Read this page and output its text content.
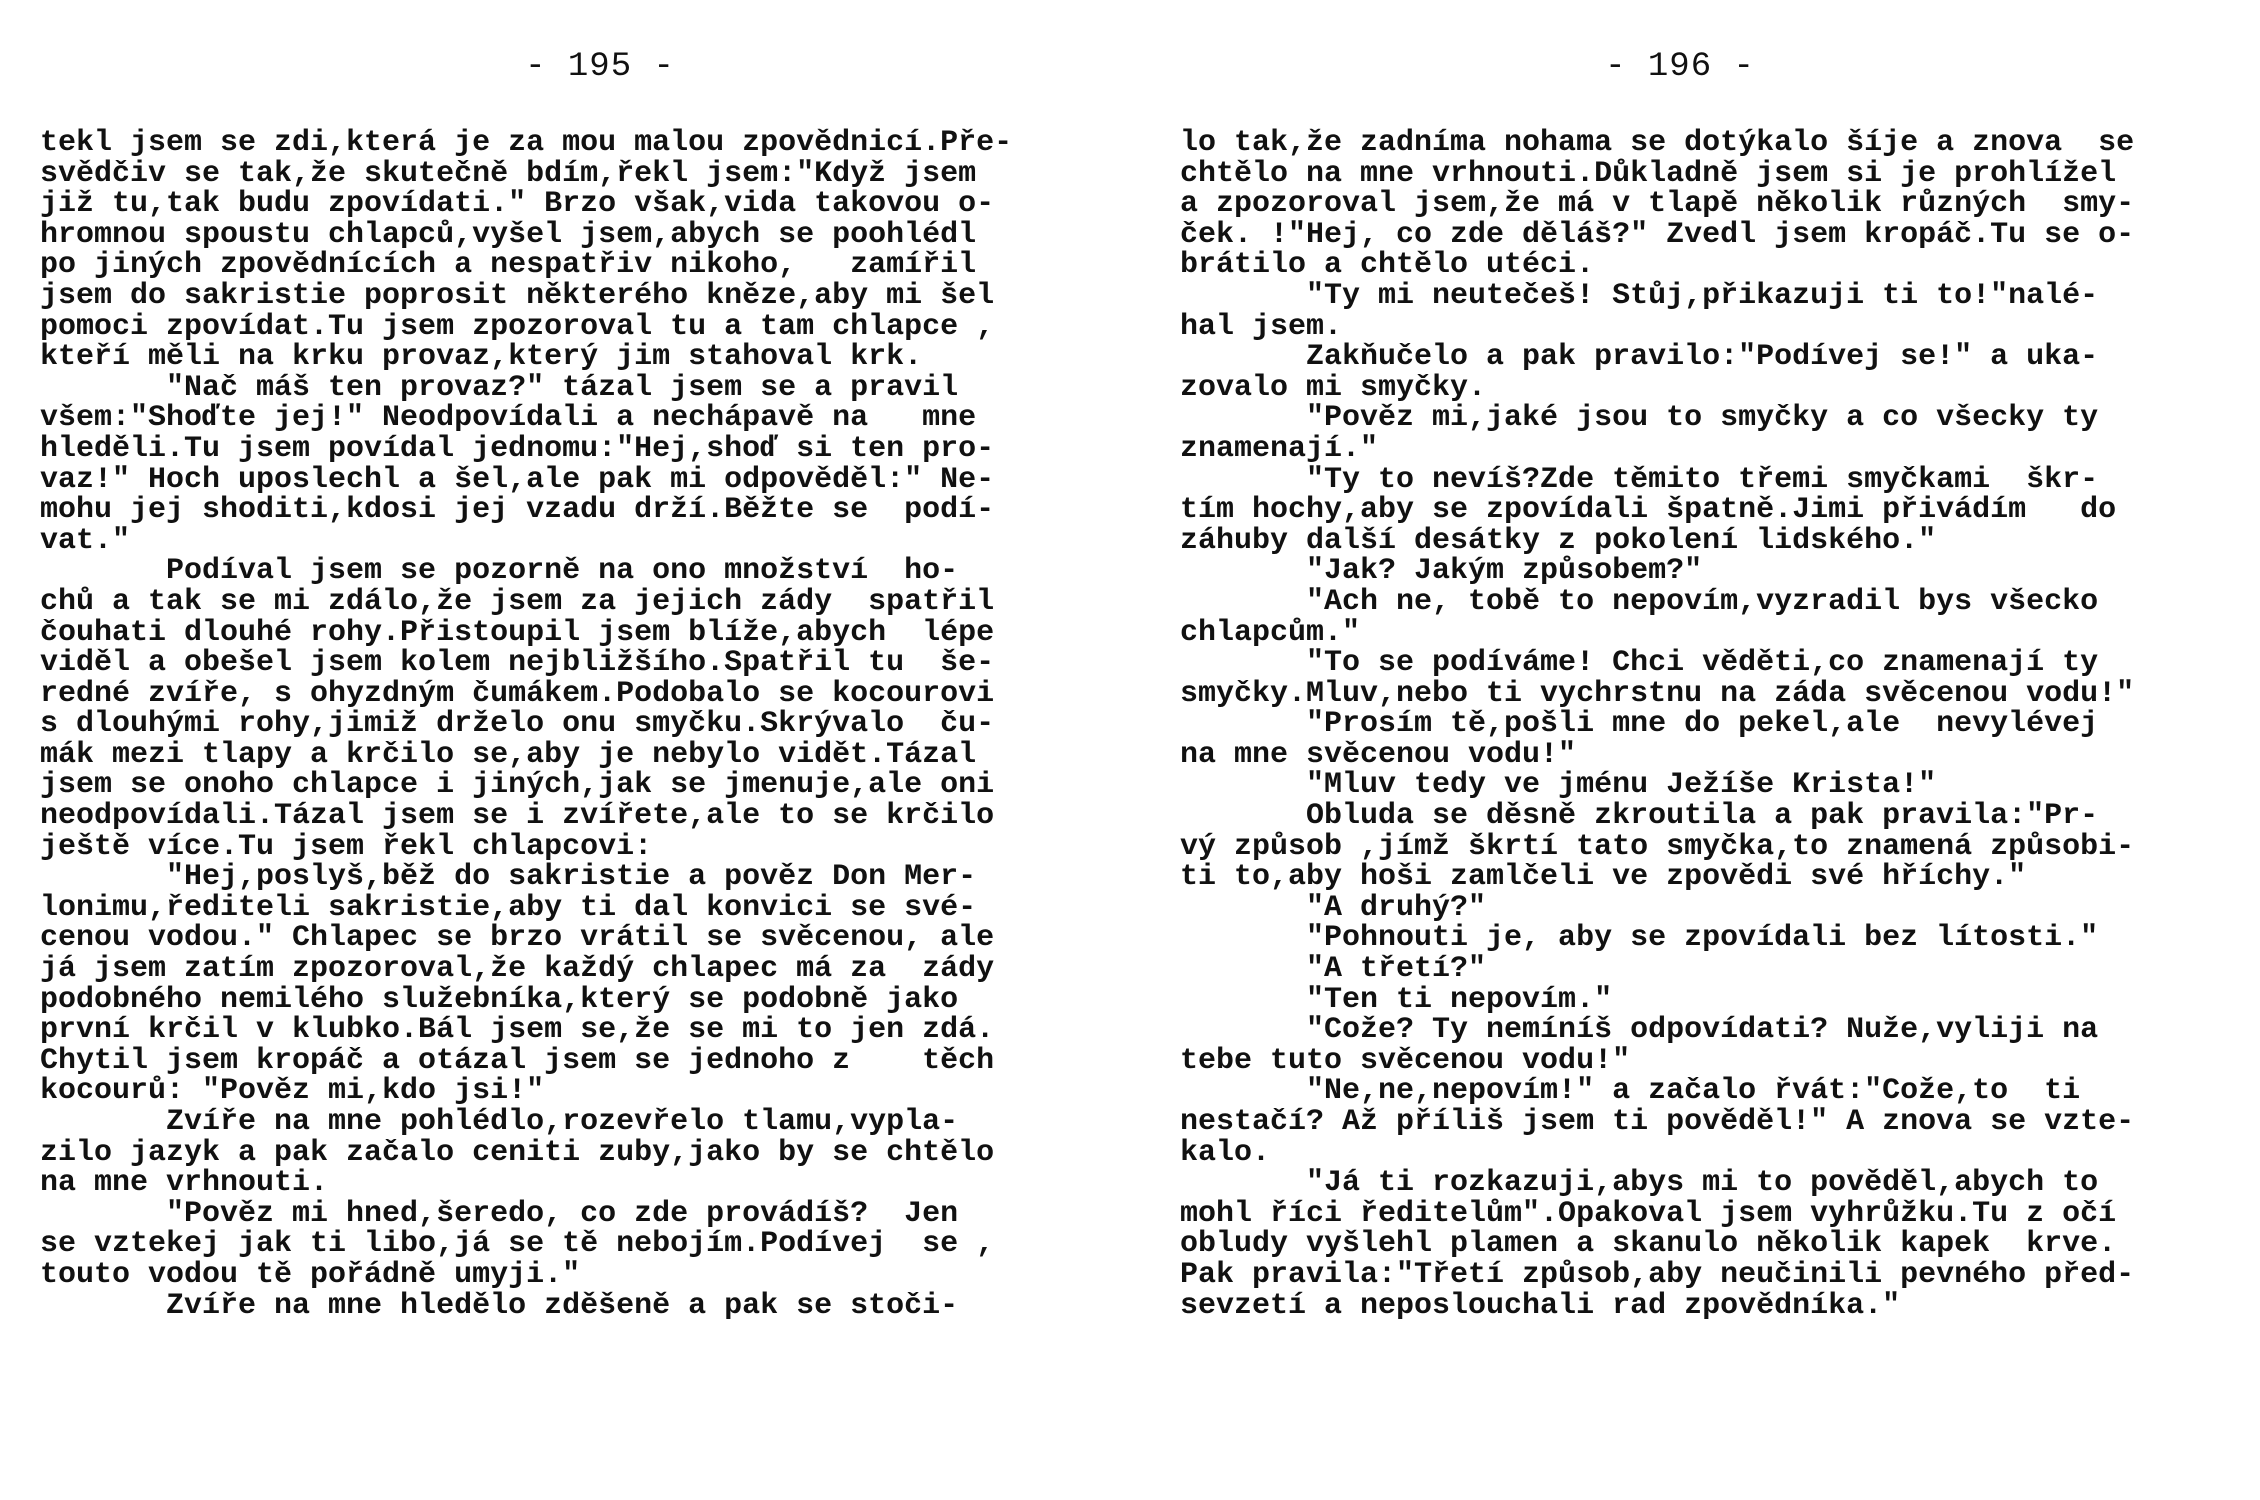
- 195 -
tekl jsem se zdi,která je za mou malou zpovědnicí.Pře-
svědčiv se tak,že skutečně bdím,řekl jsem:"Když jsem
již tu,tak budu zpovídati." Brzo však,vida takovou o-
hromnou spoustu chlapců,vyšel jsem,abych se poohlédl
po jiných zpovědnících a nespatřiv nikoho,   zamířil
jsem do sakristie poprosit některého kněze,aby mi šel
pomoci zpovídat.Tu jsem zpozoroval tu a tam chlapce ,
kteří měli na krku provaz,který jim stahoval krk.
"Nač máš ten provaz?" tázal jsem se a pravil
všem:"Shoďte jej!" Neodpovídali a nechápavě na   mne
hleděli.Tu jsem povídal jednomu:"Hej,shoď si ten pro-
vaz!" Hoch uposlechl a šel,ale pak mi odpověděl:" Ne-
mohu jej shoditi,kdosi jej vzadu drží.Běžte se  podí-
vat."
Podíval jsem se pozorně na ono množství  ho-
chů a tak se mi zdálo,že jsem za jejich zády  spatřil
čouhati dlouhé rohy.Přistoupil jsem blíže,abych  lépe
viděl a obešel jsem kolem nejbližšího.Spatřil tu  še-
redné zvíře, s ohyzdným čumákem.Podobalo se kocourovi
s dlouhými rohy,jimiž drželo onu smyčku.Skrývalo  ču-
mák mezi tlapy a krčilo se,aby je nebylo vidět.Tázal
jsem se onoho chlapce i jiných,jak se jmenuje,ale oni
neodpovídali.Tázal jsem se i zvířete,ale to se krčilo
ještě více.Tu jsem řekl chlapcovi:
"Hej,poslyš,běž do sakristie a pověz Don Mer-
lonimu,řediteli sakristie,aby ti dal konvici se své-
cenou vodou." Chlapec se brzo vrátil se svěcenou, ale
já jsem zatím zpozoroval,že každý chlapec má za  zády
podobného nemilého služebníka,který se podobně jako
první krčil v klubko.Bál jsem se,že se mi to jen zdá.
Chytil jsem kropáč a otázal jsem se jednoho z    těch
kocourů: "Pověz mi,kdo jsi!"
Zvíře na mne pohlédlo,rozevřelo tlamu,vypla-
zilo jazyk a pak začalo ceniti zuby,jako by se chtělo
na mne vrhnouti.
"Pověz mi hned,šeredo, co zde provádíš?  Jen
se vztekej jak ti libo,já se tě nebojím.Podívej  se ,
touto vodou tě pořádně umyji."
Zvíře na mne hledělo zděšeně a pak se stoči-
- 196 -
lo tak,že zadníma nohama se dotýkalo šíje a znova  se
chtělo na mne vrhnouti.Důkladně jsem si je prohlížel
a zpozoroval jsem,že má v tlapě několik různých  smy-
ček. !"Hej, co zde děláš?" Zvedl jsem kropáč.Tu se o-
brátilo a chtělo utéci.
"Ty mi neutečeš! Stůj,přikazuji ti to!"nalé-
hal jsem.
Zakňučelo a pak pravilo:"Podívej se!" a uka-
zovalo mi smyčky.
"Pověz mi,jaké jsou to smyčky a co všecky ty
znamenají."
"Ty to nevíš?Zde těmito třemi smyčkami  škr-
tím hochy,aby se zpovídali špatně.Jimi přivádím   do
záhuby další desátky z pokolení lidského."
"Jak? Jakým způsobem?"
"Ach ne, tobě to nepovím,vyzradil bys všecko
chlapcům."
"To se podíváme! Chci věděti,co znamenají ty
smyčky.Mluv,nebo ti vychrstnu na záda svěcenou vodu!"
"Prosím tě,pošli mne do pekel,ale  nevylévej
na mne svěcenou vodu!"
"Mluv tedy ve jménu Ježíše Krista!"
Obluda se děsně zkroutila a pak pravila:"Pr-
vý způsob ,jímž škrtí tato smyčka,to znamená způsobi-
ti to,aby hoši zamlčeli ve zpovědi své hříchy."
"A druhý?"
"Pohnouti je, aby se zpovídali bez lítosti."
"A třetí?"
"Ten ti nepovím."
"Cože? Ty nemíníš odpovídati? Nuže,vyliji na
tebe tuto svěcenou vodu!"
"Ne,ne,nepovím!" a začalo řvát:"Cože,to  ti
nestačí? Až příliš jsem ti pověděl!" A znova se vzte-
kalo.
"Já ti rozkazuji,abys mi to pověděl,abych to
mohl říci ředitelům".Opakoval jsem vyhrůžku.Tu z očí
obludy vyšlehl plamen a skanulo několik kapek  krve.
Pak pravila:"Třetí způsob,aby neučinili pevného před-
sevzetí a neposlouchali rad zpovědníka."
